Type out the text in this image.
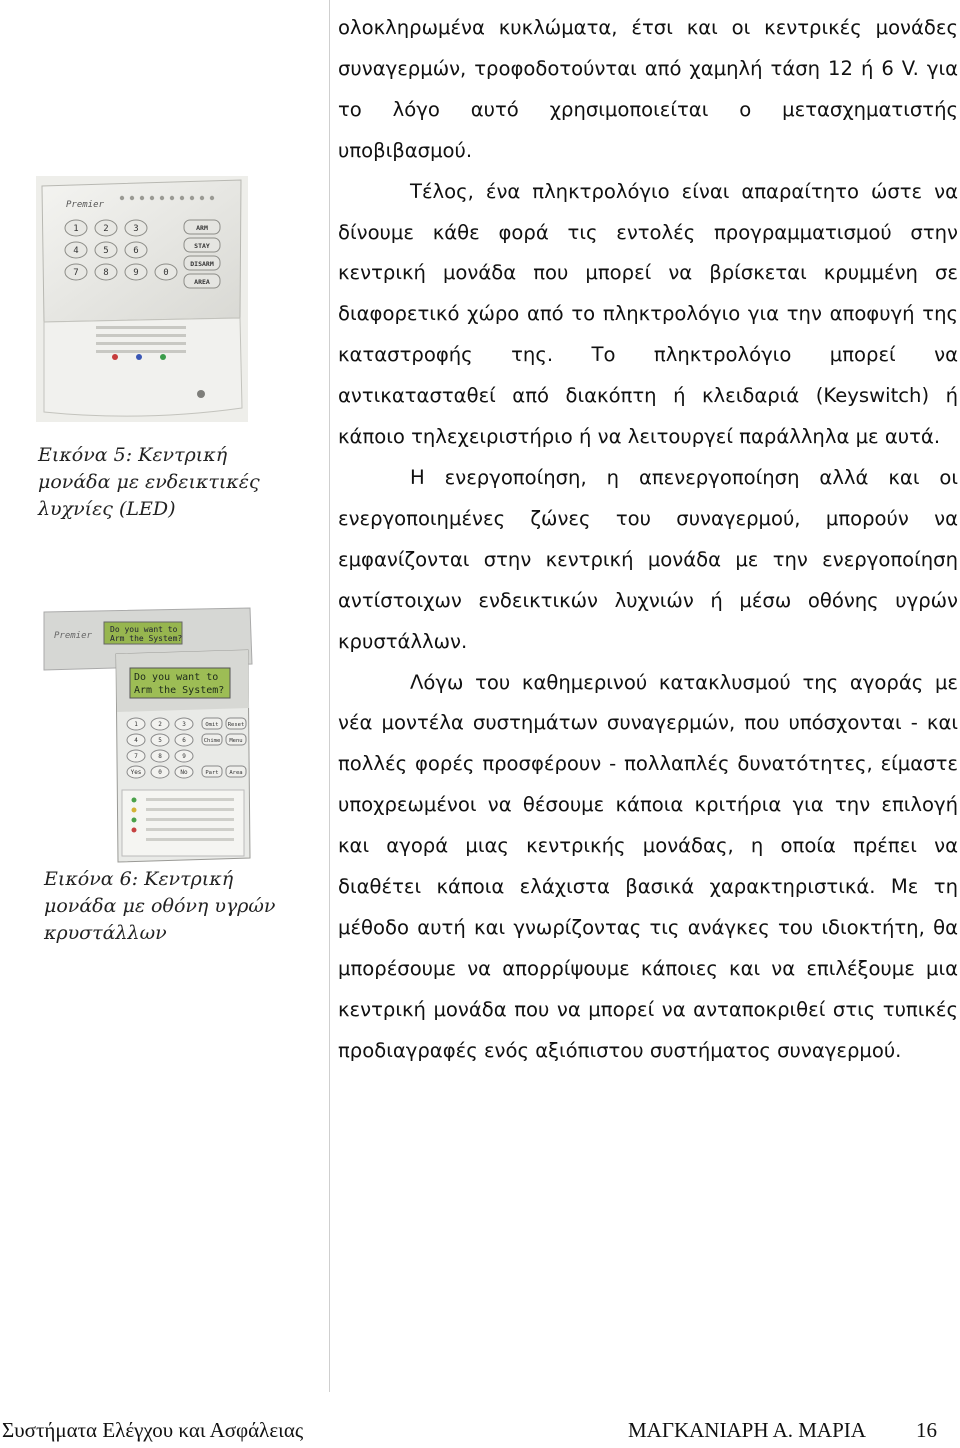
Premier
1	2	3
4	5	6
7	8	9	0
ARM
STAY
DISARM
AREA
Εικόνα 5: Κεντρική
μονάδα με ενδεικτικές
λυχνίες (LED)
Premier
Do you want to
Arm the System?
Do you want to
Arm the System?
1	2	3
4	5	6
7	8	9
Yes	0	No
Omit Reset
Chime Menu
Part Area
Εικόνα 6: Κεντρική
μονάδα με οθόνη υγρών
κρυστάλλων

ολοκληρωμένα κυκλώματα, έτσι και οι κεντρικές μονάδες συναγερμών, τροφοδοτούνται από χαμηλή τάση 12 ή 6 V. για το λόγο αυτό χρησιμοποιείται ο μετασχηματιστής υποβιβασμού.

Τέλος, ένα πληκτρολόγιο είναι απαραίτητο ώστε να δίνουμε κάθε φορά τις εντολές προγραμματισμού στην κεντρική μονάδα που μπορεί να βρίσκεται κρυμμένη σε διαφορετικό χώρο από το πληκτρολόγιο για την αποφυγή της καταστροφής της. Το πληκτρολόγιο μπορεί να αντικατασταθεί από διακόπτη ή κλειδαριά (Keyswitch) ή κάποιο τηλεχειριστήριο ή να λειτουργεί παράλληλα με αυτά.

Η ενεργοποίηση, η απενεργοποίηση αλλά και οι ενεργοποιημένες ζώνες του συναγερμού, μπορούν να εμφανίζονται στην κεντρική μονάδα με την ενεργοποίηση αντίστοιχων ενδεικτικών λυχνιών ή μέσω οθόνης υγρών κρυστάλλων.

Λόγω του καθημερινού κατακλυσμού της αγοράς με νέα μοντέλα συστημάτων συναγερμών, που υπόσχονται - και πολλές φορές προσφέρουν - πολλαπλές δυνατότητες, είμαστε υποχρεωμένοι να θέσουμε κάποια κριτήρια για την επιλογή και αγορά μιας κεντρικής μονάδας, η οποία πρέπει να διαθέτει κάποια ελάχιστα βασικά χαρακτηριστικά. Με τη μέθοδο αυτή και γνωρίζοντας τις ανάγκες του ιδιοκτήτη, θα μπορέσουμε να απορρίψουμε κάποιες και να επιλέξουμε μια κεντρική μονάδα που να μπορεί να ανταποκριθεί στις τυπικές προδιαγραφές ενός αξιόπιστου συστήματος συναγερμού.

Συστήματα Ελέγχου και Ασφάλειας	ΜΑΓΚΑΝΙΑΡΗ Α. ΜΑΡΙΑ 16
